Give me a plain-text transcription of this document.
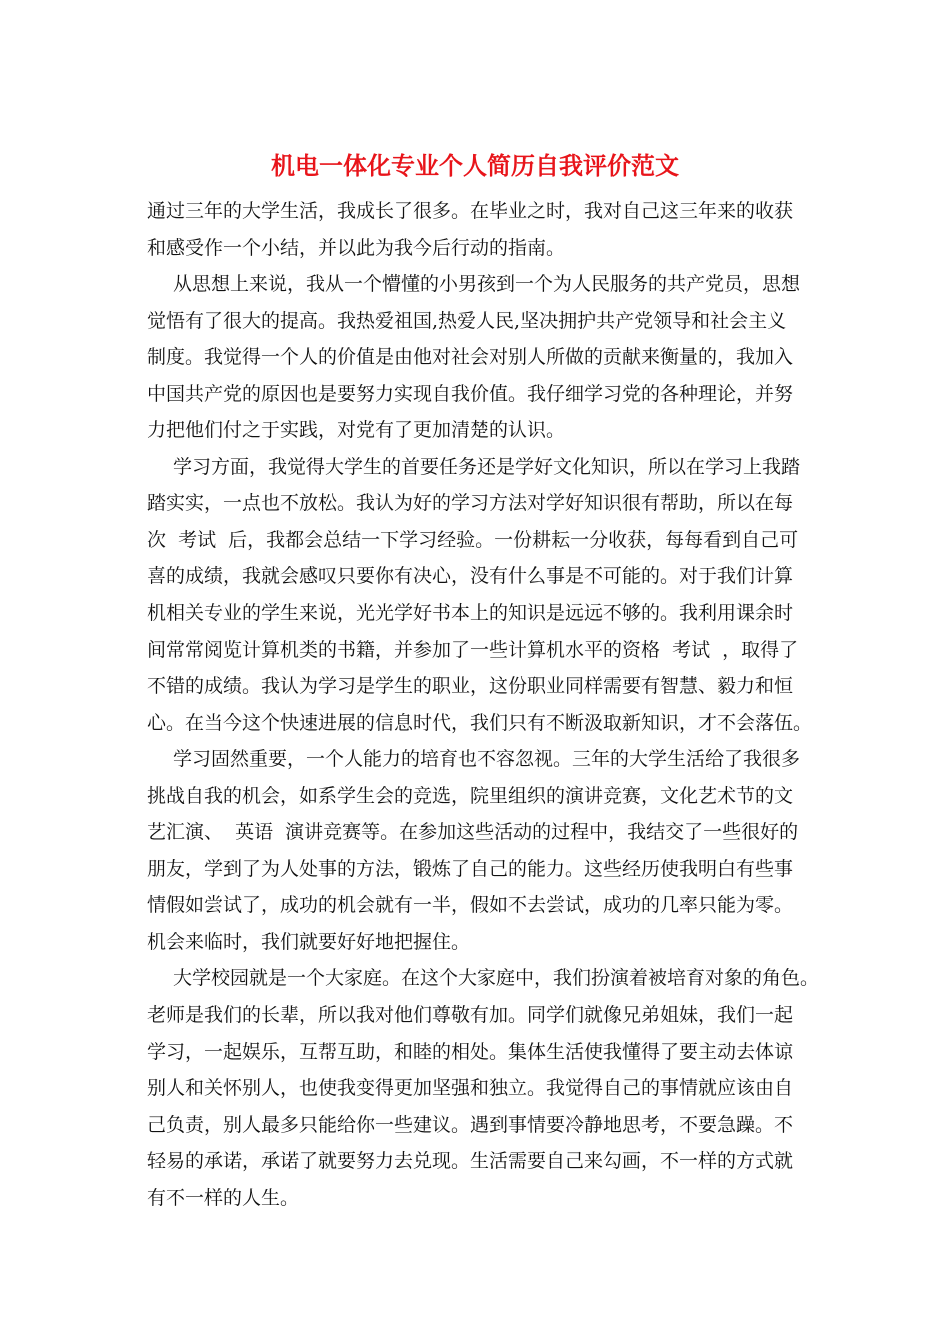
机电一体化专业个人简历自我评价范文
通过三年的大学生活，我成长了很多。在毕业之时，我对自己这三年来的收获
和感受作一个小结，并以此为我今后行动的指南。
从思想上来说，我从一个懵懂的小男孩到一个为人民服务的共产党员，思想
觉悟有了很大的提高。我热爱祖国,热爱人民,坚决拥护共产党领导和社会主义
制度。我觉得一个人的价值是由他对社会对别人所做的贡献来衡量的，我加入
中国共产党的原因也是要努力实现自我价值。我仔细学习党的各种理论，并努
力把他们付之于实践，对党有了更加清楚的认识。
学习方面，我觉得大学生的首要任务还是学好文化知识，所以在学习上我踏
踏实实，一点也不放松。我认为好的学习方法对学好知识很有帮助，所以在每
次  考试  后，我都会总结一下学习经验。一份耕耘一分收获，每每看到自己可
喜的成绩，我就会感叹只要你有决心，没有什么事是不可能的。对于我们计算
机相关专业的学生来说，光光学好书本上的知识是远远不够的。我利用课余时
间常常阅览计算机类的书籍，并参加了一些计算机水平的资格  考试  ，取得了
不错的成绩。我认为学习是学生的职业，这份职业同样需要有智慧、毅力和恒
心。在当今这个快速进展的信息时代，我们只有不断汲取新知识，才不会落伍。
学习固然重要，一个人能力的培育也不容忽视。三年的大学生活给了我很多
挑战自我的机会，如系学生会的竞选，院里组织的演讲竞赛，文化艺术节的文
艺汇演、  英语  演讲竞赛等。在参加这些活动的过程中，我结交了一些很好的
朋友，学到了为人处事的方法，锻炼了自己的能力。这些经历使我明白有些事
情假如尝试了，成功的机会就有一半，假如不去尝试，成功的几率只能为零。
机会来临时，我们就要好好地把握住。
大学校园就是一个大家庭。在这个大家庭中，我们扮演着被培育对象的角色。
老师是我们的长辈，所以我对他们尊敬有加。同学们就像兄弟姐妹，我们一起
学习，一起娱乐，互帮互助，和睦的相处。集体生活使我懂得了要主动去体谅
别人和关怀别人，也使我变得更加坚强和独立。我觉得自己的事情就应该由自
己负责，别人最多只能给你一些建议。遇到事情要冷静地思考，不要急躁。不
轻易的承诺，承诺了就要努力去兑现。生活需要自己来勾画，不一样的方式就
有不一样的人生。
